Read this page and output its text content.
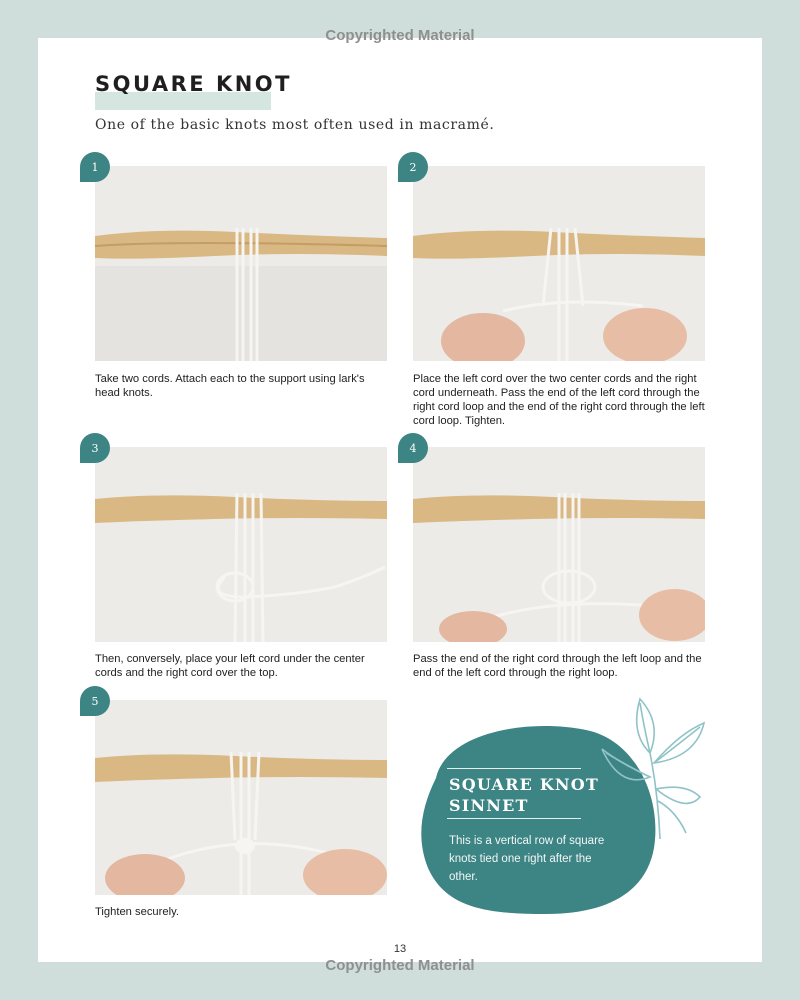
Copyrighted Material
SQUARE KNOT

One of the basic knots most often used in macramé.

1

Take two cords. Attach each to the support using lark's head knots.

2

Place the left cord over the two center cords and the right cord underneath. Pass the end of the left cord through the right cord loop and the end of the right cord through the left cord loop. Tighten.

3

Then, conversely, place your left cord under the center cords and the right cord over the top.

4

Pass the end of the right cord through the left loop and the end of the left cord through the right loop.

5

Tighten securely.

SQUARE KNOT SINNET

This is a vertical row of square knots tied one right after the other.

13
Copyrighted Material
